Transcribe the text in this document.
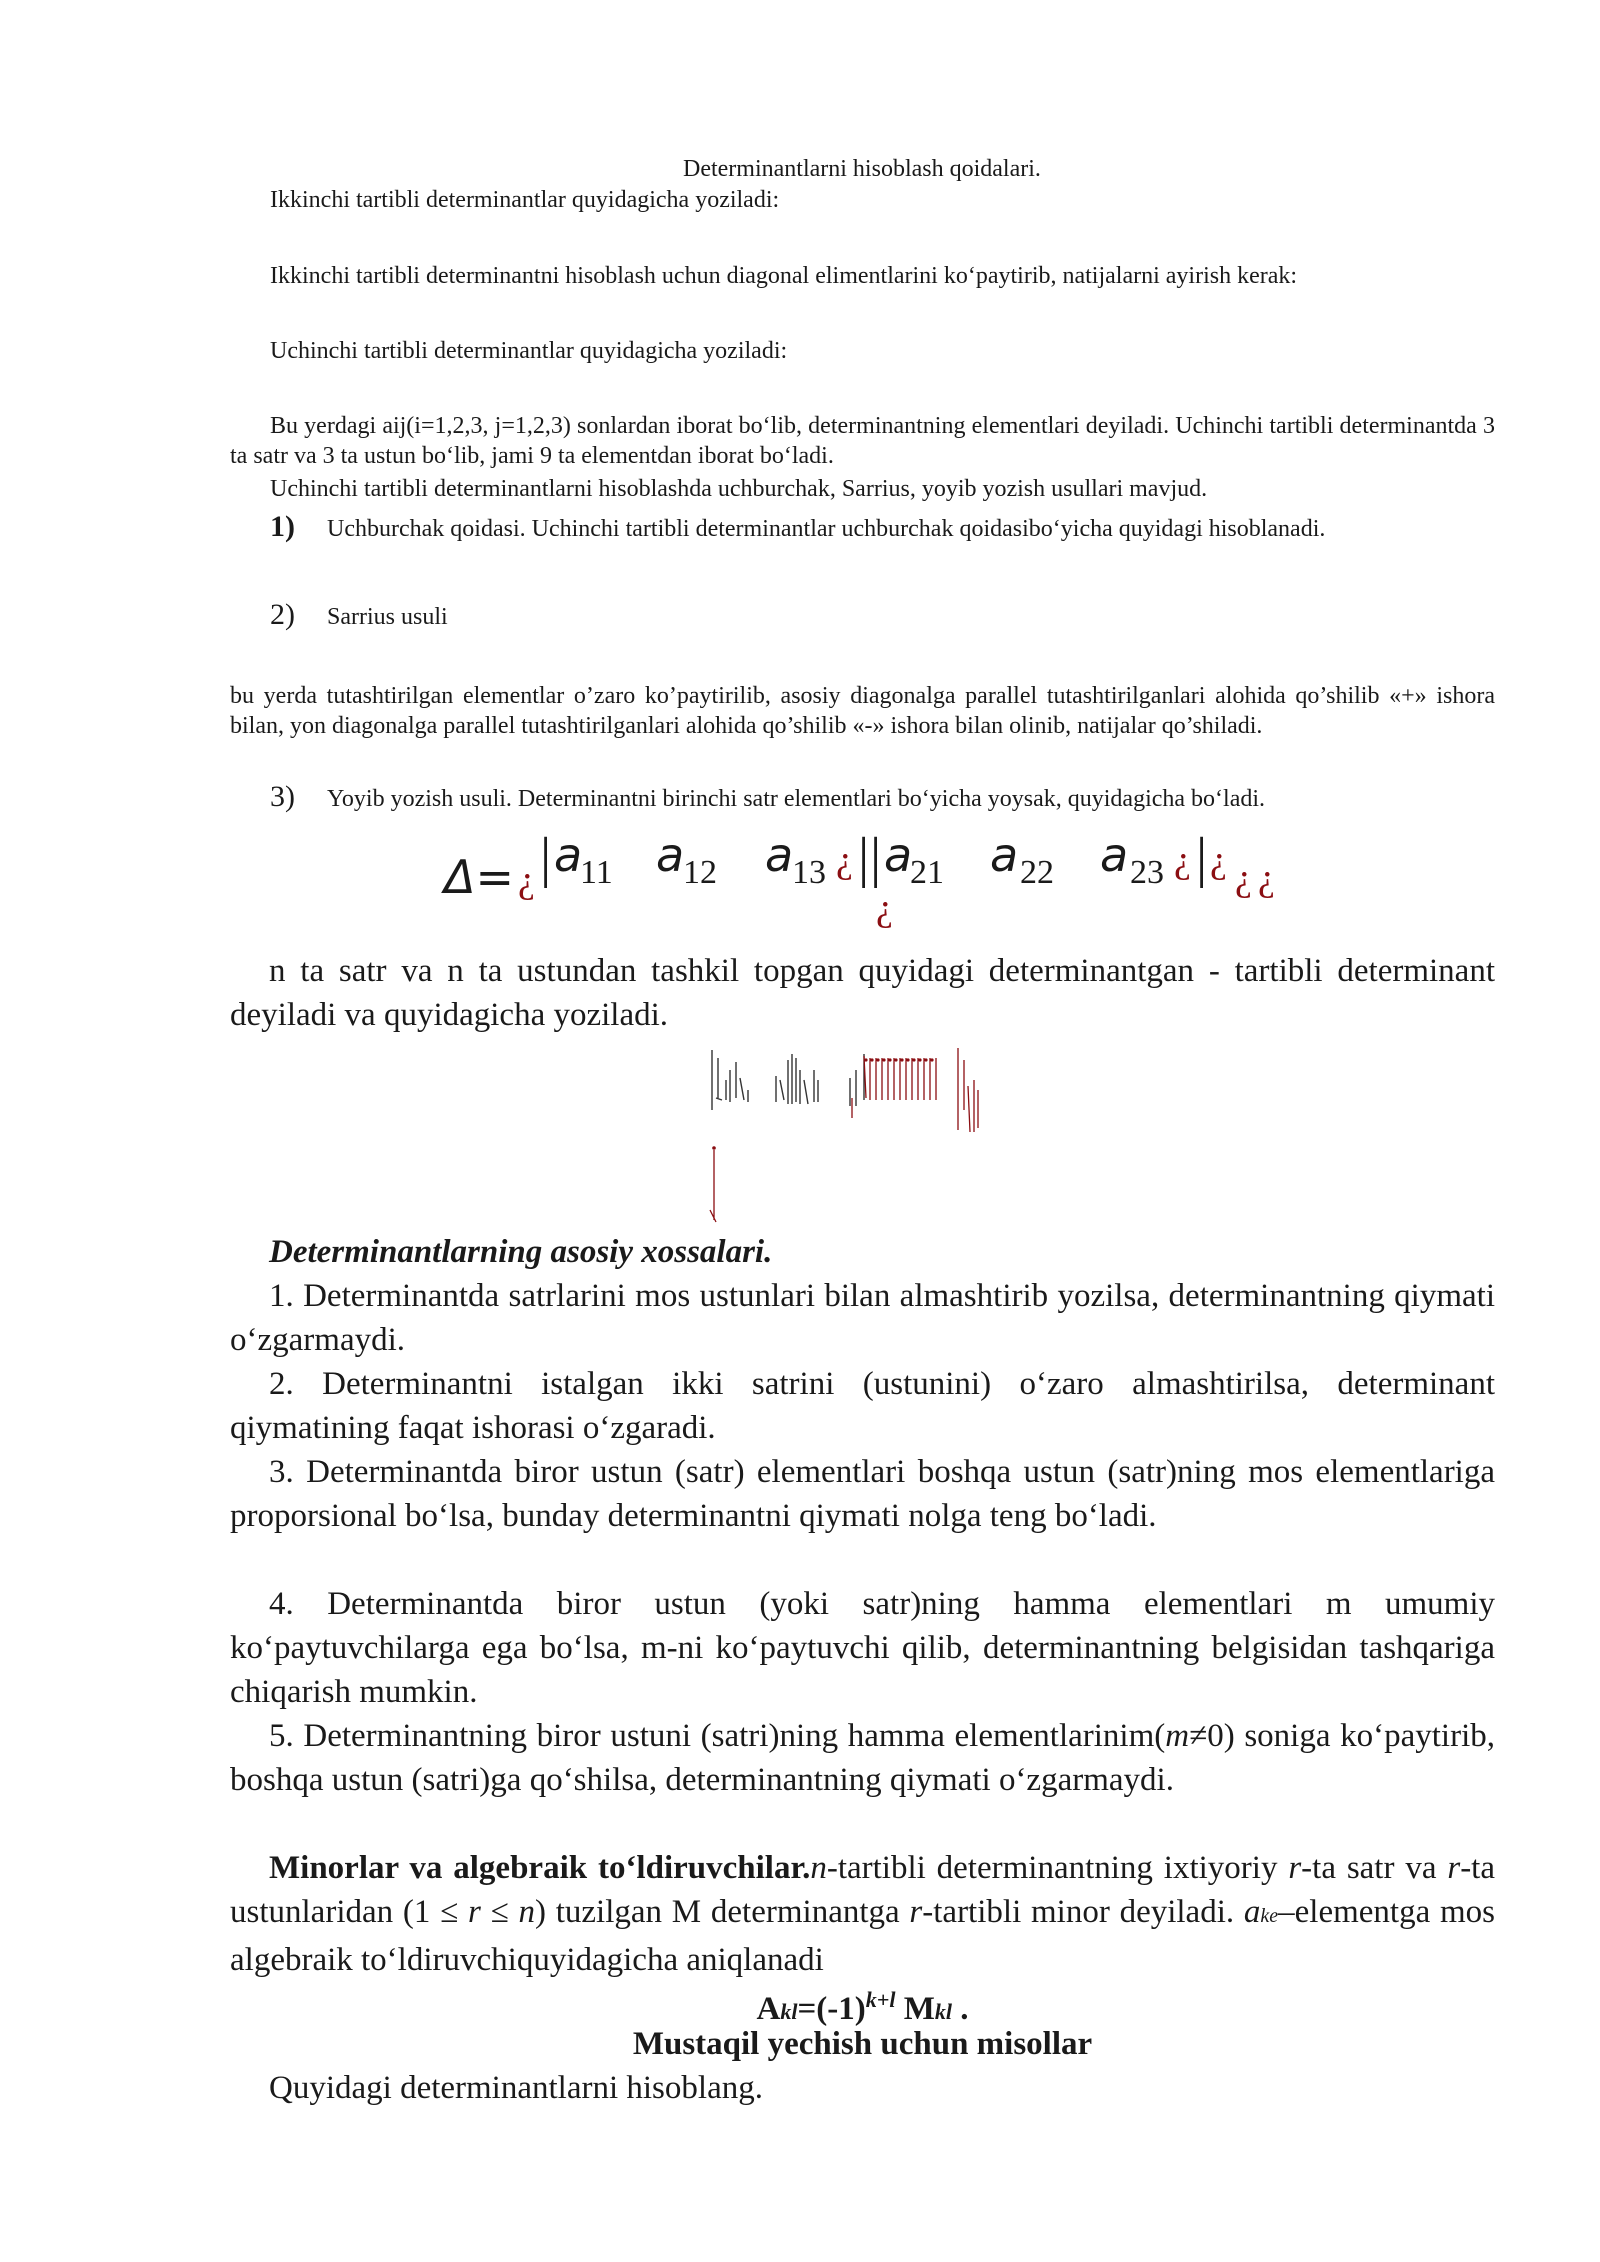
Determinantlarni hisoblash qoidalari.
Ikkinchi tartibli determinantlar quyidagicha yoziladi:
Ikkinchi tartibli determinantni hisoblash uchun diagonal elimentlarini ko‘paytirib, natijalarni ayirish kerak:
Uchinchi tartibli determinantlar quyidagicha yoziladi:
Bu yerdagi aij(i=1,2,3, j=1,2,3) sonlardan iborat bo‘lib, determinantning elementlari deyiladi. Uchinchi tartibli determinantda 3 ta satr va 3 ta ustun bo‘lib, jami 9 ta elementdan iborat bo‘ladi.
Uchinchi tartibli determinantlarni hisoblashda uchburchak, Sarrius, yoyib yozish usullari mavjud.
1) Uchburchak qoidasi. Uchinchi tartibli determinantlar uchburchak qoidasibo‘yicha quyidagi hisoblanadi.
2) Sarrius usuli
bu yerda tutashtirilgan elementlar o’zaro ko’paytirilib, asosiy diagonalga parallel tutashtirilganlari alohida qo’shilib «+» ishora bilan, yon diagonalga parallel tutashtirilganlari alohida qo’shilib «-» ishora bilan olinib, natijalar qo’shiladi.
3) Yoyib yozish usuli. Determinantni birinchi satr elementlari bo‘yicha yoysak, quyidagicha bo‘ladi.
Δ= ¿ | a
11 a
12 a
13 ¿ | | a
21 a 22 a 23 ¿ | ¿ ¿ ¿
¿
n ta satr va n ta ustundan tashkil topgan quyidagi determinantgan - tartibli determinant deyiladi va quyidagicha yoziladi.
Determinantlarning asosiy xossalari.
1. Determinantda satrlarini mos ustunlari bilan almashtirib yozilsa, determinantning qiymati o‘zgarmaydi.
2. Determinantni istalgan ikki satrini (ustunini) o‘zaro almashtirilsa, determinant qiymatining faqat ishorasi o‘zgaradi.
3. Determinantda biror ustun (satr) elementlari boshqa ustun (satr)ning mos elementlariga proporsional bo‘lsa, bunday determinantni qiymati nolga teng bo‘ladi.
4. Determinantda biror ustun (yoki satr)ning hamma elementlari m umumiy ko‘paytuvchilarga ega bo‘lsa, m-ni ko‘paytuvchi qilib, determinantning belgisidan tashqariga chiqarish mumkin.
5. Determinantning biror ustuni (satri)ning hamma elementlarinim(m≠0) soniga ko‘paytirib, boshqa ustun (satri)ga qo‘shilsa, determinantning qiymati o‘zgarmaydi.
Minorlar va algebraik to‘ldiruvchilar.n-tartibli determinantning ixtiyoriy r-ta satr va r-ta ustunlaridan (1 ≤ r ≤ n) tuzilgan M determinantga r-tartibli minor deyiladi. ake–elementga mos algebraik to‘ldiruvchiquyidagicha aniqlanadi
$Akl=(-1)^{k+l}$ Mkl .
Mustaqil yechish uchun misollar
Quyidagi determinantlarni hisoblang.
